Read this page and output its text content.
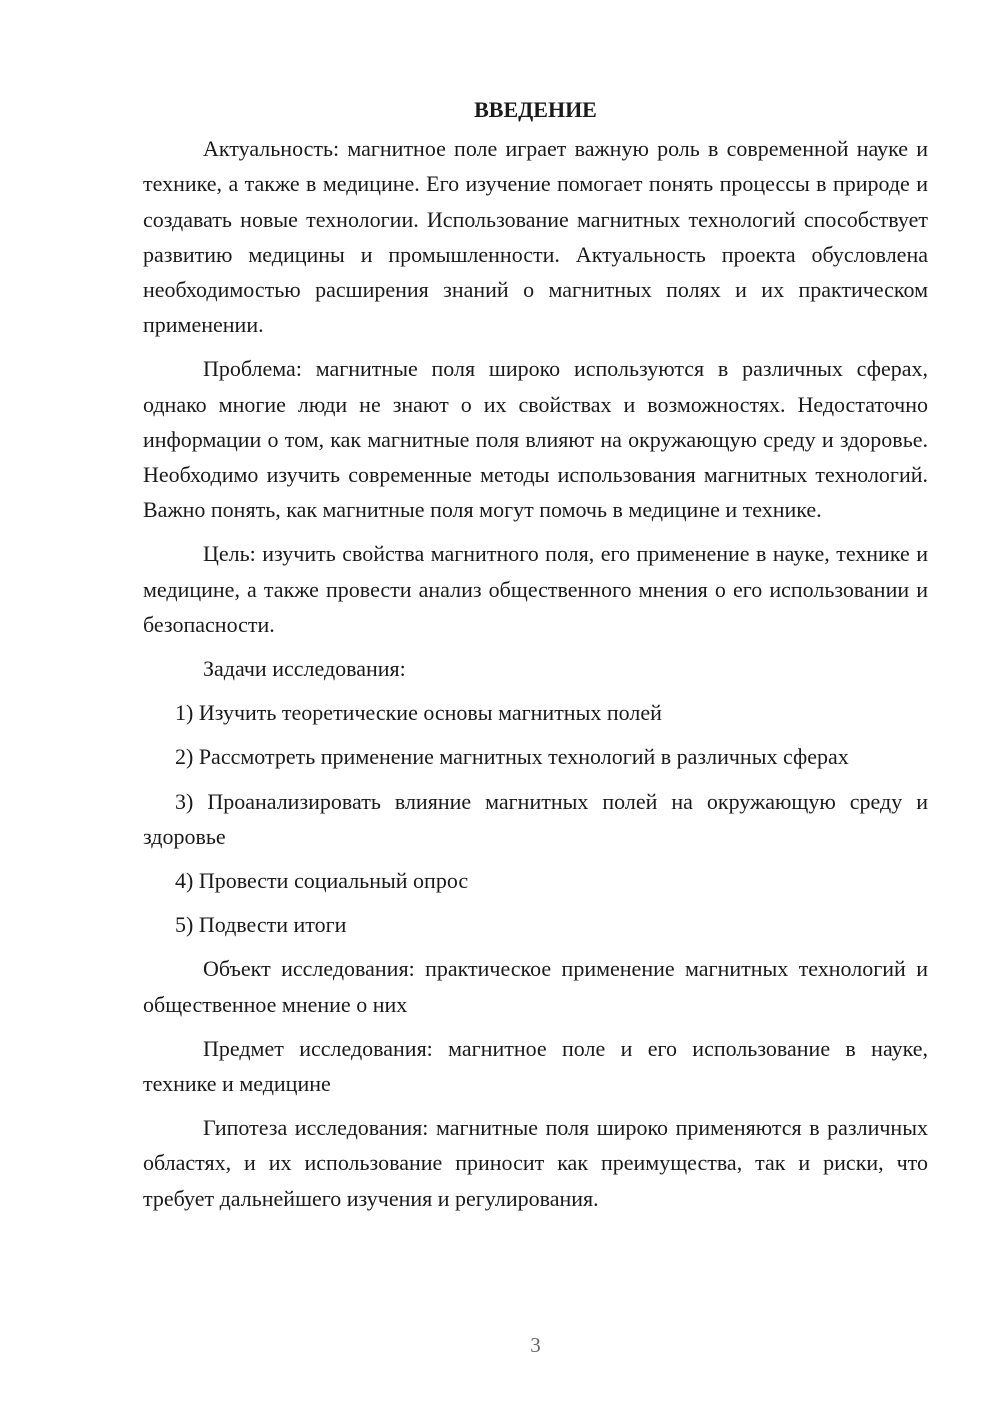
ВВЕДЕНИЕ

Актуальность: магнитное поле играет важную роль в современной науке и технике, а также в медицине. Его изучение помогает понять процессы в природе и создавать новые технологии. Использование магнитных технологий способствует развитию медицины и промышленности. Актуальность проекта обусловлена необходимостью расширения знаний о магнитных полях и их практическом применении.

Проблема: магнитные поля широко используются в различных сферах, однако многие люди не знают о их свойствах и возможностях. Недостаточно информации о том, как магнитные поля влияют на окружающую среду и здоровье. Необходимо изучить современные методы использования магнитных технологий. Важно понять, как магнитные поля могут помочь в медицине и технике.

Цель: изучить свойства магнитного поля, его применение в науке, технике и медицине, а также провести анализ общественного мнения о его использовании и безопасности.

Задачи исследования:

1) Изучить теоретические основы магнитных полей

2) Рассмотреть применение магнитных технологий в различных сферах

3) Проанализировать влияние магнитных полей на окружающую среду и здоровье

4) Провести социальный опрос

5) Подвести итоги

Объект исследования: практическое применение магнитных технологий и общественное мнение о них

Предмет исследования: магнитное поле и его использование в науке, технике и медицине

Гипотеза исследования: магнитные поля широко применяются в различных областях, и их использование приносит как преимущества, так и риски, что требует дальнейшего изучения и регулирования.

3
